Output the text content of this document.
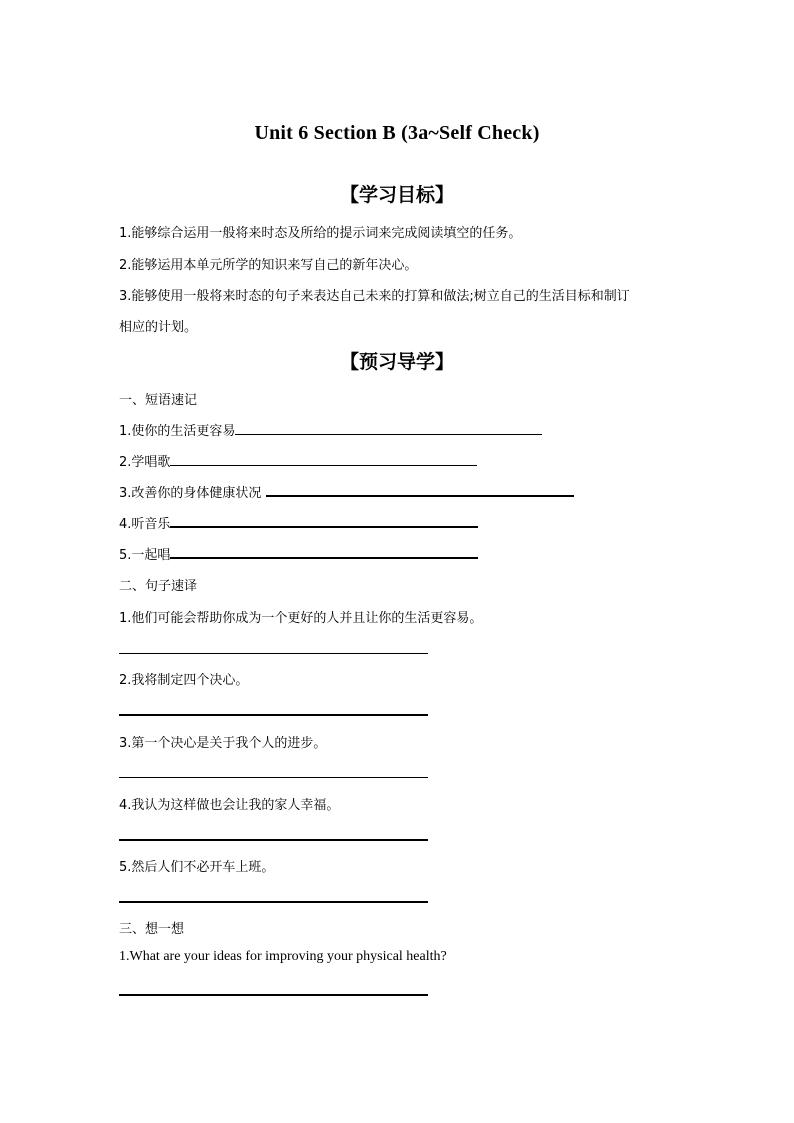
Unit 6 Section B (3a~Self Check)
【学习目标】
1.能够综合运用一般将来时态及所给的提示词来完成阅读填空的任务。
2.能够运用本单元所学的知识来写自己的新年决心。
3.能够使用一般将来时态的句子来表达自己未来的打算和做法;树立自己的生活目标和制订
相应的计划。
【预习导学】
一、短语速记
1.使你的生活更容易
2.学唱歌
3.改善你的身体健康状况
4.听音乐
5.一起唱
二、句子速译
1.他们可能会帮助你成为一个更好的人并且让你的生活更容易。
2.我将制定四个决心。
3.第一个决心是关于我个人的进步。
4.我认为这样做也会让我的家人幸福。
5.然后人们不必开车上班。
三、想一想
1.What are your ideas for improving your physical health?
